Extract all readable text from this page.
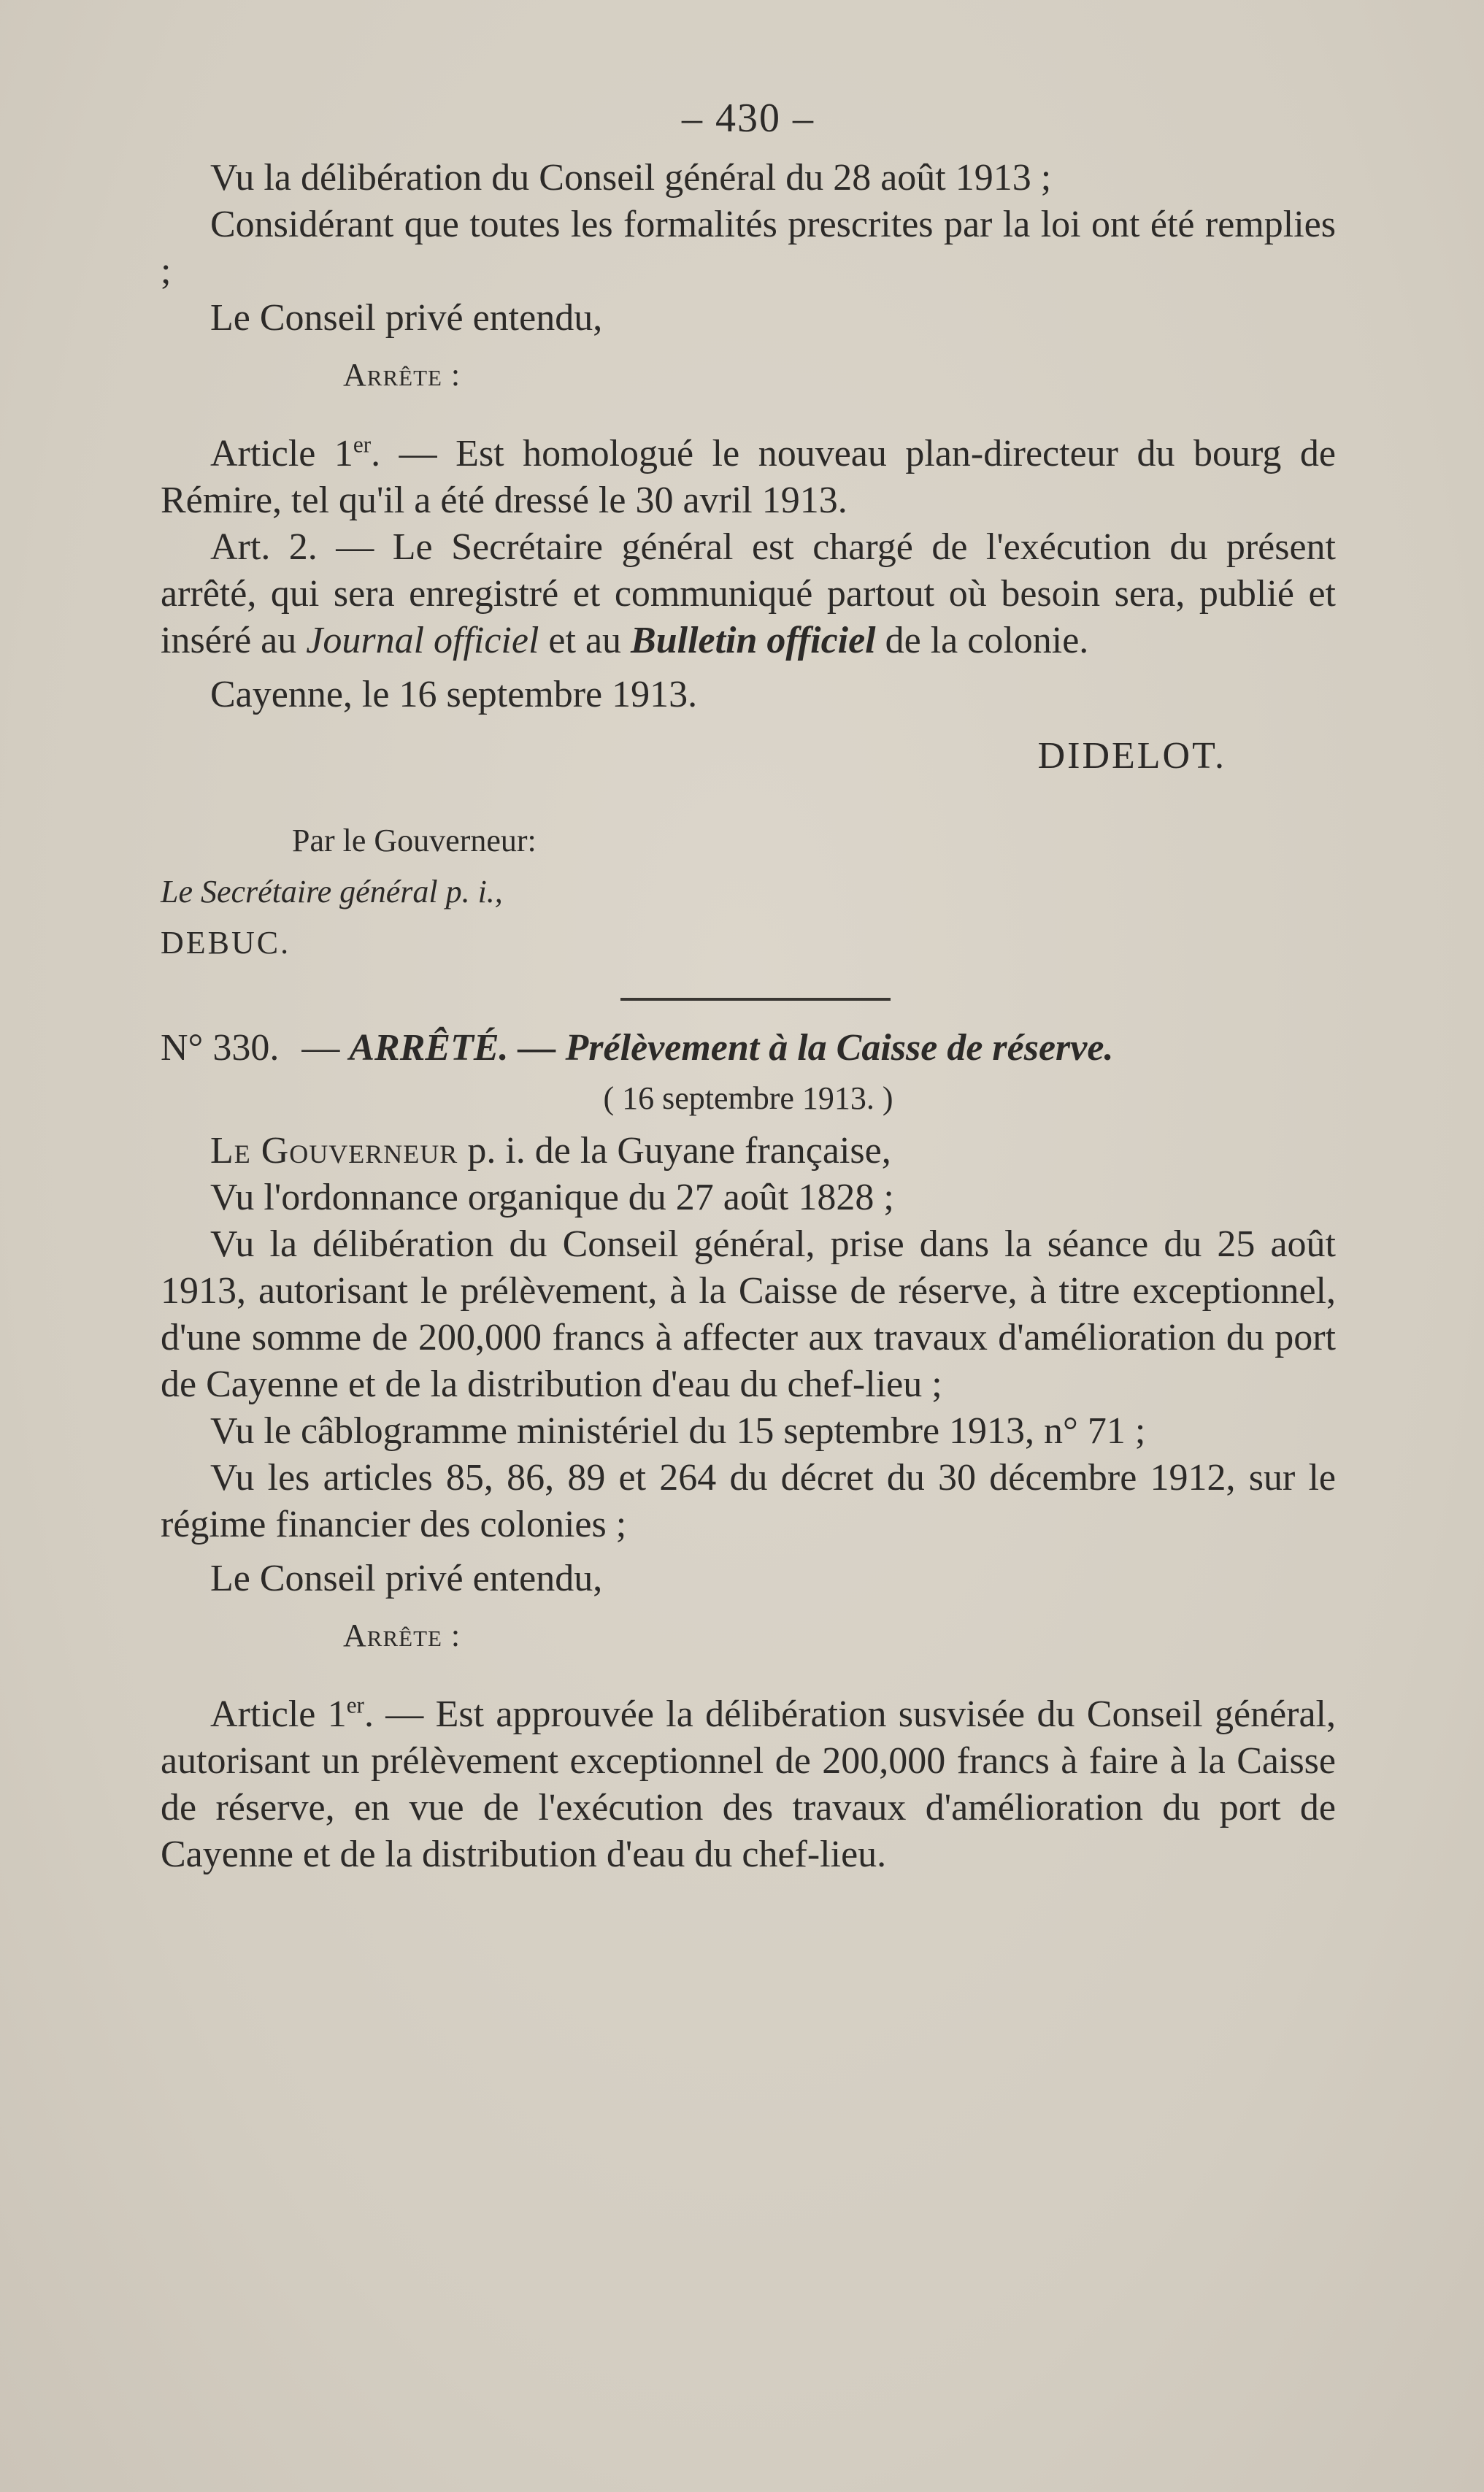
– 430 –

Vu la délibération du Conseil général du 28 août 1913 ;

Considérant que toutes les formalités prescrites par la loi ont été remplies ;

Le Conseil privé entendu,

Arrête :

Article 1er. — Est homologué le nouveau plan-directeur du bourg de Rémire, tel qu'il a été dressé le 30 avril 1913.

Art. 2. — Le Secrétaire général est chargé de l'exécution du présent arrêté, qui sera enregistré et communiqué partout où besoin sera, publié et inséré au Journal officiel et au Bulletin officiel de la colonie.

Cayenne, le 16 septembre 1913.

DIDELOT.

Par le Gouverneur:

Le Secrétaire général p. i.,

DEBUC.

N° 330. — ARRÊTÉ. — Prélèvement à la Caisse de réserve.

( 16 septembre 1913. )

Le Gouverneur p. i. de la Guyane française,

Vu l'ordonnance organique du 27 août 1828 ;

Vu la délibération du Conseil général, prise dans la séance du 25 août 1913, autorisant le prélèvement, à la Caisse de réserve, à titre exceptionnel, d'une somme de 200,000 francs à affecter aux travaux d'amélioration du port de Cayenne et de la distribution d'eau du chef-lieu ;

Vu le câblogramme ministériel du 15 septembre 1913, n° 71 ;

Vu les articles 85, 86, 89 et 264 du décret du 30 décembre 1912, sur le régime financier des colonies ;

Le Conseil privé entendu,

Arrête :

Article 1er. — Est approuvée la délibération susvisée du Conseil général, autorisant un prélèvement exceptionnel de 200,000 francs à faire à la Caisse de réserve, en vue de l'exécution des travaux d'amélioration du port de Cayenne et de la distribution d'eau du chef-lieu.
